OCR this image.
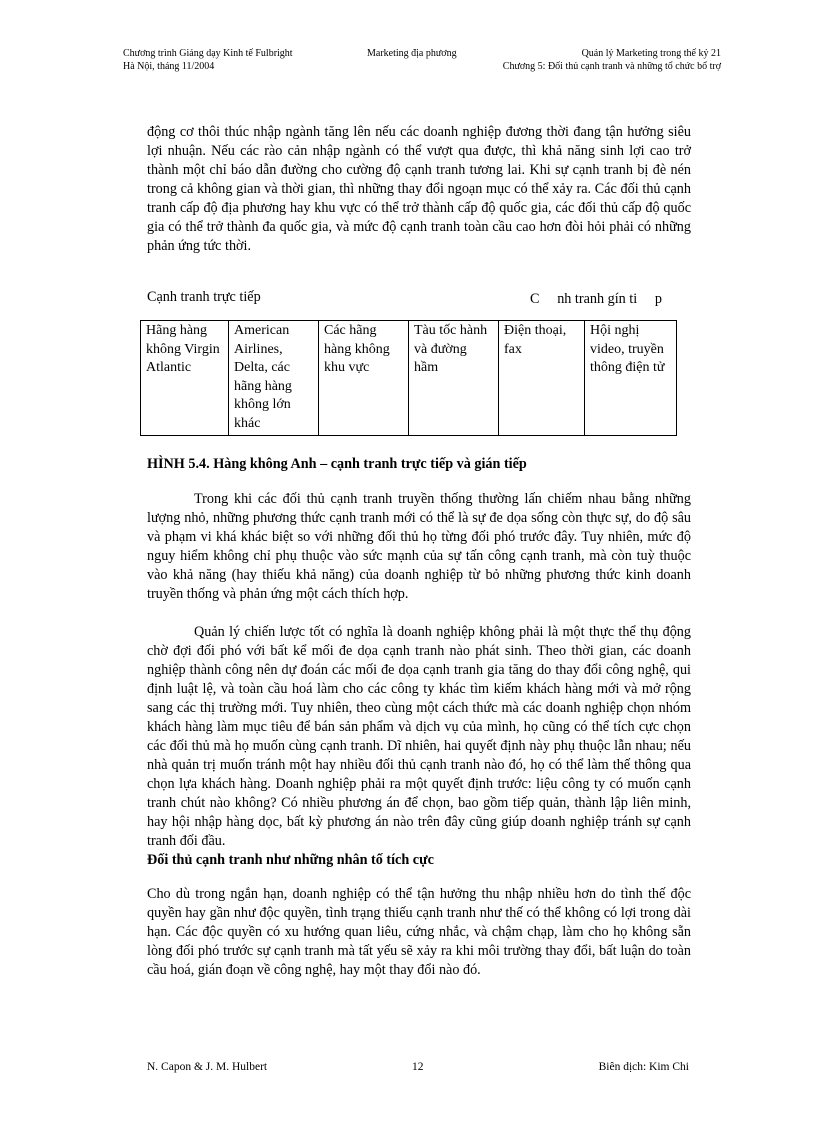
Chương trình Giảng dạy Kinh tế Fulbright
Hà Nội, tháng 11/2004
Marketing địa phương	Quản lý Marketing trong thế kỷ 21
Chương 5: Đối thủ cạnh tranh và những tổ chức bổ trợ

động cơ thôi thúc nhập ngành tăng lên nếu các doanh nghiệp đương thời đang tận hưởng siêu lợi nhuận. Nếu các rào cản nhập ngành có thể vượt qua được, thì khả năng sinh lợi cao trở thành một chỉ báo dẫn đường cho cường độ cạnh tranh tương lai. Khi sự cạnh tranh bị đè nén trong cả không gian và thời gian, thì những thay đổi ngoạn mục có thể xảy ra. Các đối thủ cạnh tranh cấp độ địa phương hay khu vực có thể trở thành cấp độ quốc gia, các đối thủ cấp độ quốc gia có thể trở thành đa quốc gia, và mức độ cạnh tranh toàn cầu cao hơn đòi hỏi phải có những phản ứng tức thời.

Cạnh tranh trực tiếp	C     nh tranh gín ti     p
Hãng hàng không Virgin Atlantic	American Airlines, Delta, các hãng hàng không lớn khác	Các hãng hàng không khu vực	Tàu tốc hành và đường hầm	Điện thoại, fax	Hội nghị video, truyền thông điện tử
HÌNH 5.4. Hàng không Anh – cạnh tranh trực tiếp và gián tiếp

Trong khi các đối thủ cạnh tranh truyền thống thường lấn chiếm nhau bằng những lượng nhỏ, những phương thức cạnh tranh mới có thể là sự đe dọa sống còn thực sự, do độ sâu và phạm vi khá khác biệt so với những đối thủ họ từng đối phó trước đây. Tuy nhiên, mức độ nguy hiểm không chỉ phụ thuộc vào sức mạnh của sự tấn công cạnh tranh, mà còn tuỳ thuộc vào khả năng (hay thiếu khả năng) của doanh nghiệp từ bỏ những phương thức kinh doanh truyền thống và phản ứng một cách thích hợp.

Quản lý chiến lược tốt có nghĩa là doanh nghiệp không phải là một thực thể thụ động chờ đợi đối phó với bất kể mối đe dọa cạnh tranh nào phát sinh. Theo thời gian, các doanh nghiệp thành công nên dự đoán các mối đe dọa cạnh tranh gia tăng do thay đổi công nghệ, qui định luật lệ, và toàn cầu hoá làm cho các công ty khác tìm kiếm khách hàng mới và mở rộng sang các thị trường mới. Tuy nhiên, theo cùng một cách thức mà các doanh nghiệp chọn nhóm khách hàng làm mục tiêu để bán sản phẩm và dịch vụ của mình, họ cũng có thể tích cực chọn các đối thủ mà họ muốn cùng cạnh tranh. Dĩ nhiên, hai quyết định này phụ thuộc lẫn nhau; nếu nhà quản trị muốn tránh một hay nhiều đối thủ cạnh tranh nào đó, họ có thể làm thế thông qua chọn lựa khách hàng. Doanh nghiệp phải ra một quyết định trước: liệu công ty có muốn cạnh tranh chút nào không? Có nhiều phương án để chọn, bao gồm tiếp quản, thành lập liên minh, hay hội nhập hàng dọc, bất kỳ phương án nào trên đây cũng giúp doanh nghiệp tránh sự cạnh tranh đối đầu.

Đối thủ cạnh tranh như những nhân tố tích cực

Cho dù trong ngắn hạn, doanh nghiệp có thể tận hưởng thu nhập nhiều hơn do tình thế độc quyền hay gần như độc quyền, tình trạng thiếu cạnh tranh như thế có thể không có lợi trong dài hạn. Các độc quyền có xu hướng quan liêu, cứng nhắc, và chậm chạp, làm cho họ không sẵn lòng đối phó trước sự cạnh tranh mà tất yếu sẽ xảy ra khi môi trường thay đổi, bất luận do toàn cầu hoá, gián đoạn về công nghệ, hay một thay đổi nào đó.

N. Capon & J. M. Hulbert	12	Biên dịch: Kim Chi
